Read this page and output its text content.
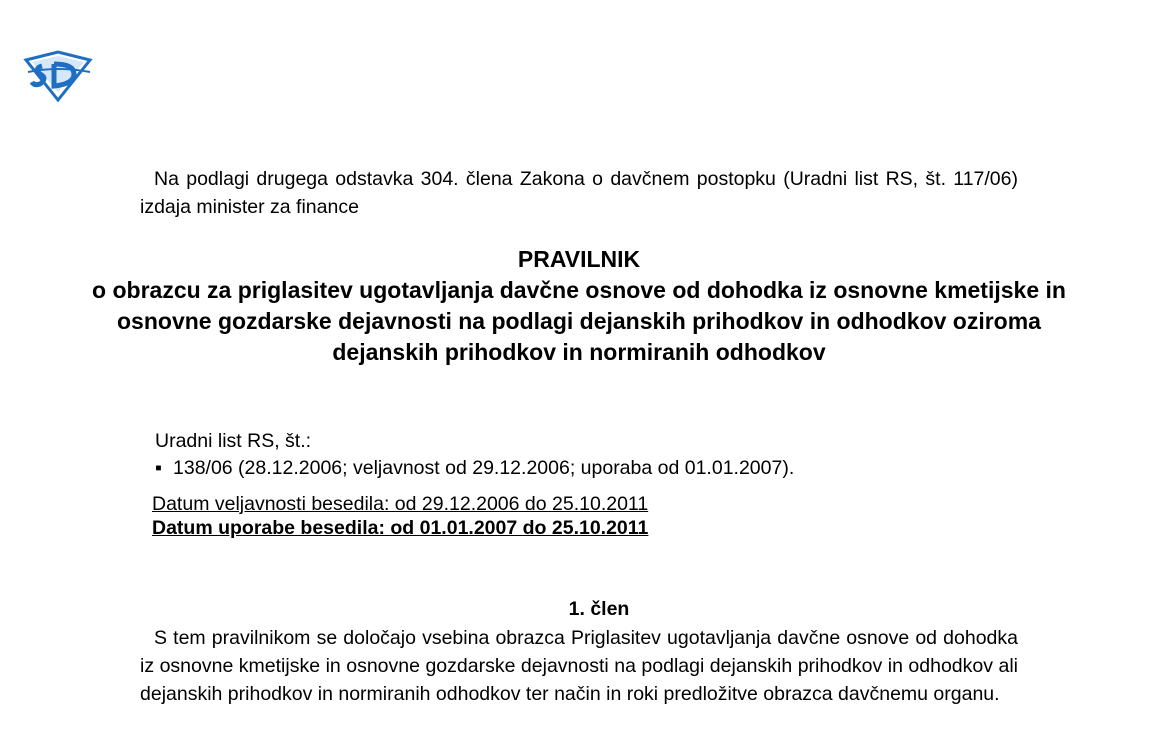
Na podlagi drugega odstavka 304. člena Zakona o davčnem postopku (Uradni list RS, št. 117/06) izdaja minister za finance
PRAVILNIK
o obrazcu za priglasitev ugotavljanja davčne osnove od dohodka iz osnovne kmetijske in osnovne gozdarske dejavnosti na podlagi dejanskih prihodkov in odhodkov oziroma dejanskih prihodkov in normiranih odhodkov
Uradni list RS, št.:
▪ 138/06 (28.12.2006; veljavnost od 29.12.2006; uporaba od 01.01.2007).
Datum veljavnosti besedila: od 29.12.2006 do 25.10.2011
Datum uporabe besedila: od 01.01.2007 do 25.10.2011
1. člen
S tem pravilnikom se določajo vsebina obrazca Priglasitev ugotavljanja davčne osnove od dohodka iz osnovne kmetijske in osnovne gozdarske dejavnosti na podlagi dejanskih prihodkov in odhodkov ali dejanskih prihodkov in normiranih odhodkov ter način in roki predložitve obrazca davčnemu organu.
